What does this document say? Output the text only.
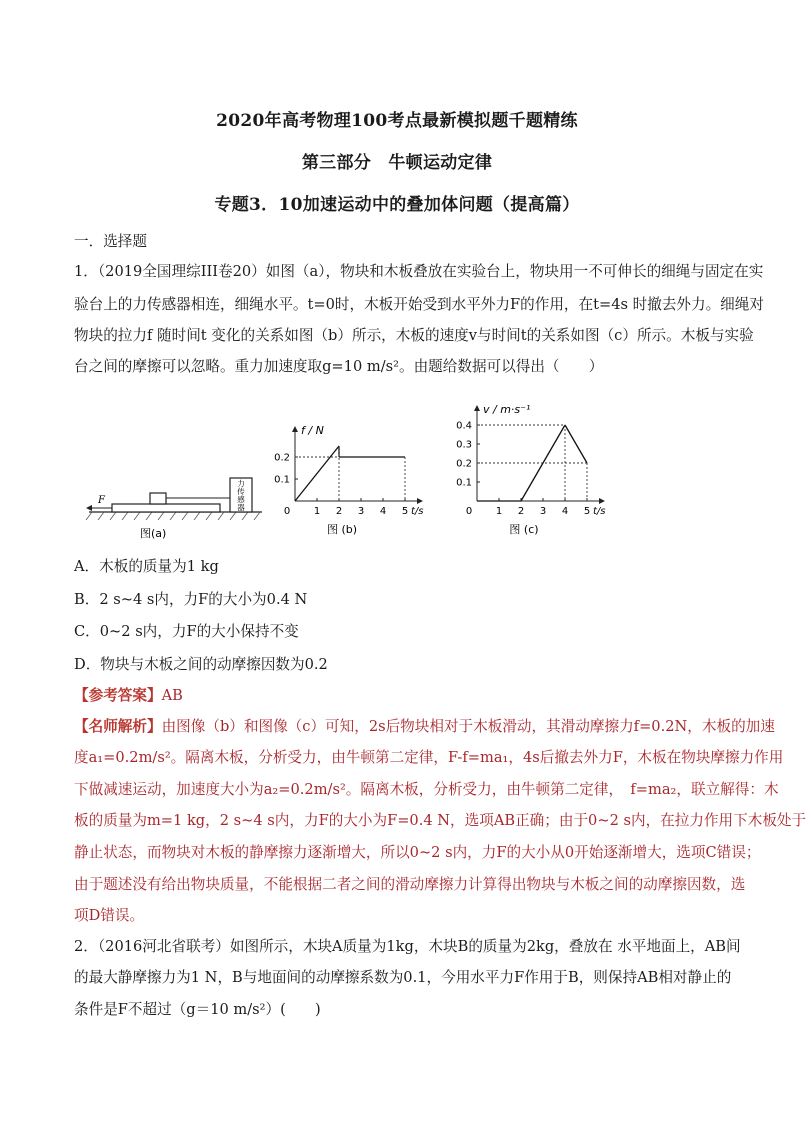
2020年高考物理100考点最新模拟题千题精练
第三部分　牛顿运动定律
专题3．10加速运动中的叠加体问题（提高篇）
一．选择题
1．（2019全国理综III卷20）如图（a），物块和木板叠放在实验台上，物块用一不可伸长的细绳与固定在实
验台上的力传感器相连，细绳水平。t=0时，木板开始受到水平外力F的作用，在t=4s 时撤去外力。细绳对
物块的拉力f 随时间t 变化的关系如图（b）所示，木板的速度v与时间t的关系如图（c）所示。木板与实验
台之间的摩擦可以忽略。重力加速度取g=10 m/s²。由题给数据可以得出（　　）
力
传
感
器
F
图(a)
0 1 2 3 4 5
0.1
0.2
f / N
t/s
图 (b)
0 1 2 3 4 5
0.1
0.2
0.3
0.4
v / m·s⁻¹
t/s
图 (c)
A．木板的质量为1 kg
B．2 s~4 s内，力F的大小为0.4 N
C．0~2 s内，力F的大小保持不变
D．物块与木板之间的动摩擦因数为0.2
【参考答案】AB
【名师解析】由图像（b）和图像（c）可知，2s后物块相对于木板滑动，其滑动摩擦力f=0.2N，木板的加速
度a₁=0.2m/s²。隔离木板，分析受力，由牛顿第二定律，F-f=ma₁，4s后撤去外力F，木板在物块摩擦力作用
下做减速运动，加速度大小为a₂=0.2m/s²。隔离木板，分析受力，由牛顿第二定律，　f=ma₂，联立解得：木
板的质量为m=1 kg，2 s~4 s内，力F的大小为F=0.4 N，选项AB正确；由于0~2 s内，在拉力作用下木板处于
静止状态，而物块对木板的静摩擦力逐渐增大，所以0~2 s内，力F的大小从0开始逐渐增大，选项C错误；
由于题述没有给出物块质量，不能根据二者之间的滑动摩擦力计算得出物块与木板之间的动摩擦因数，选
项D错误。
2．（2016河北省联考）如图所示，木块A质量为1kg，木块B的质量为2kg，叠放在 水平地面上，AB间
的最大静摩擦力为1 N，B与地面间的动摩擦系数为0.1，今用水平力F作用于B，则保持AB相对静止的
条件是F不超过（g＝10 m/s²）(　　)
